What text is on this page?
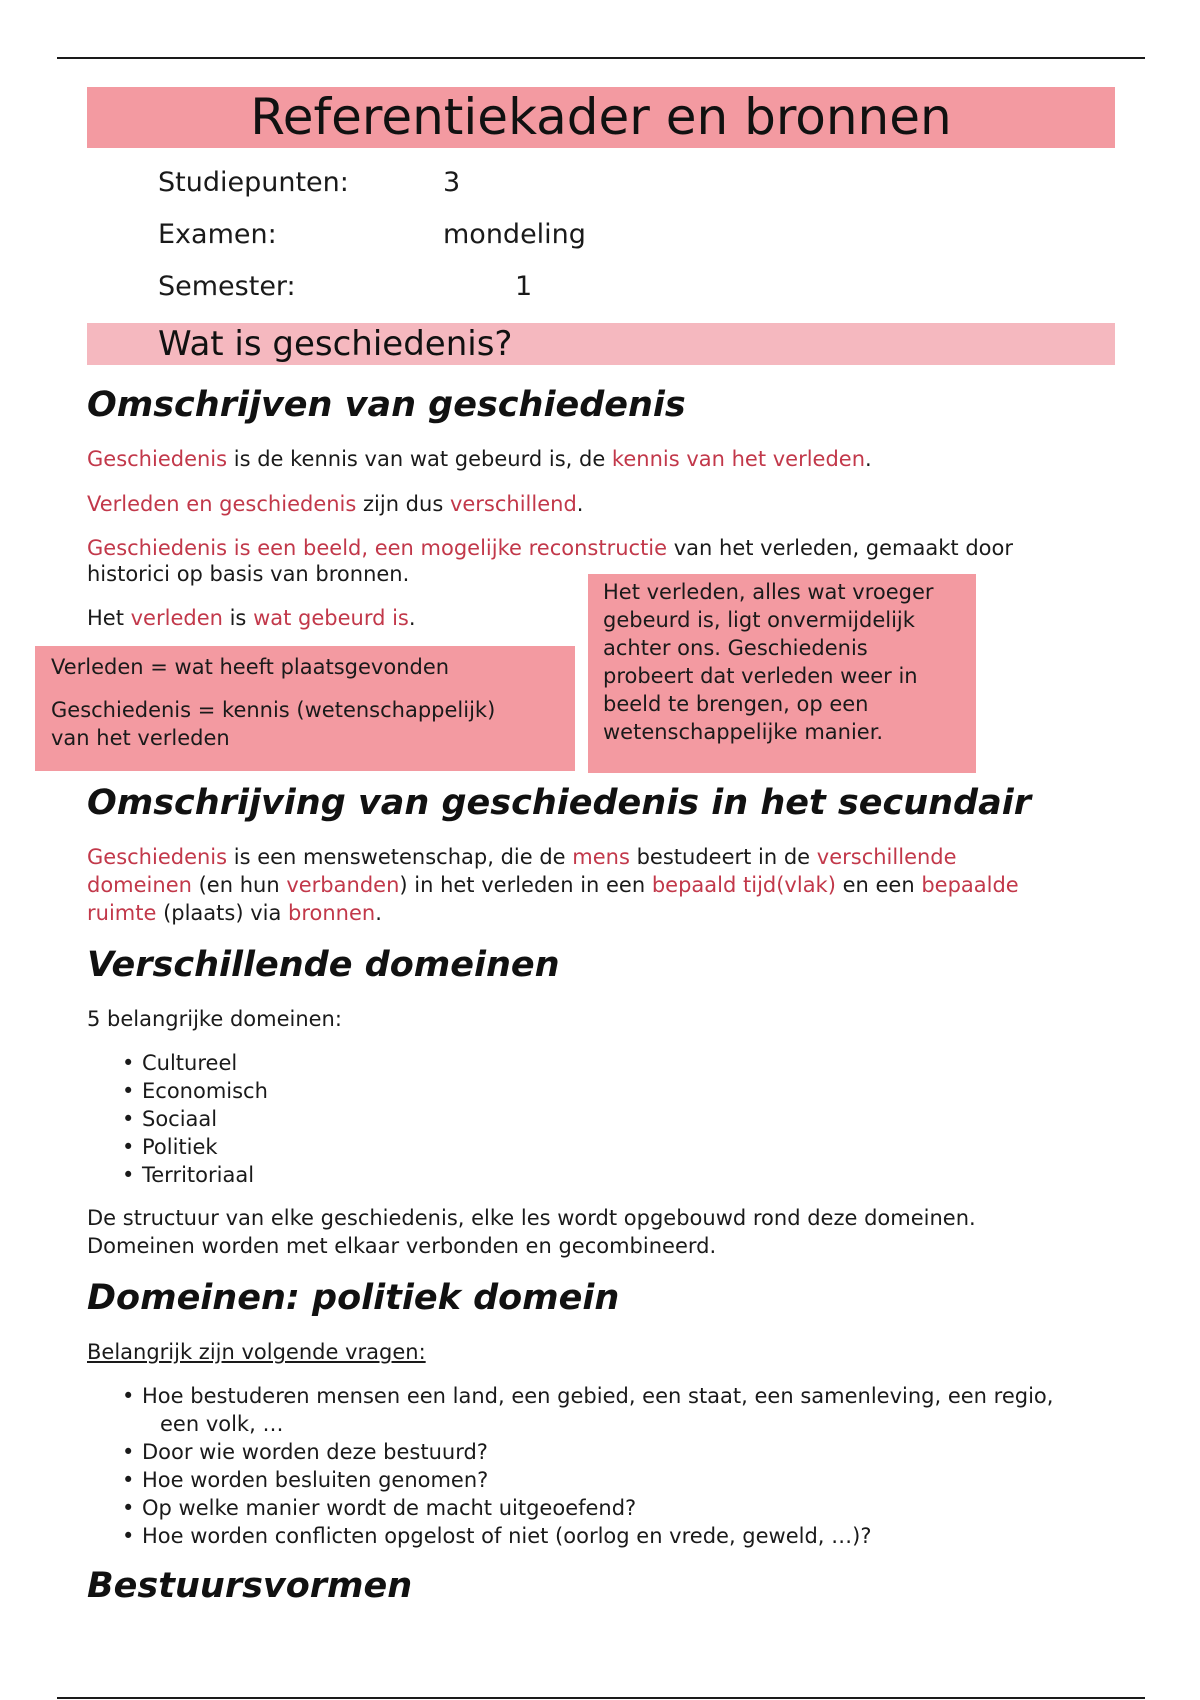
Referentiekader en bronnen
Studiepunten:	3
Examen:	mondeling
Semester:	1
Wat is geschiedenis?
Omschrijven van geschiedenis

Geschiedenis is de kennis van wat gebeurd is, de kennis van het verleden.

Verleden en geschiedenis zijn dus verschillend.

Geschiedenis is een beeld, een mogelijke reconstructie van het verleden, gemaakt door

historici op basis van bronnen.

Het verleden is wat gebeurd is.

Verleden = wat heeft plaatsgevonden
Geschiedenis = kennis (wetenschappelijk)
van het verleden
Het verleden, alles wat vroeger
gebeurd is, ligt onvermijdelijk
achter ons. Geschiedenis
probeert dat verleden weer in
beeld te brengen, op een
wetenschappelijke manier.
Omschrijving van geschiedenis in het secundair

Geschiedenis is een menswetenschap, die de mens bestudeert in de verschillende

domeinen (en hun verbanden) in het verleden in een bepaald tijd(vlak) en een bepaalde

ruimte (plaats) via bronnen.

Verschillende domeinen

5 belangrijke domeinen:

• Cultureel
• Economisch
• Sociaal
• Politiek
• Territoriaal

De structuur van elke geschiedenis, elke les wordt opgebouwd rond deze domeinen.

Domeinen worden met elkaar verbonden en gecombineerd.

Domeinen: politiek domein

Belangrijk zijn volgende vragen:

• Hoe bestuderen mensen een land, een gebied, een staat, een samenleving, een regio,
een volk, …
• Door wie worden deze bestuurd?
• Hoe worden besluiten genomen?
• Op welke manier wordt de macht uitgeoefend?
• Hoe worden conflicten opgelost of niet (oorlog en vrede, geweld, …)?
Bestuursvormen
